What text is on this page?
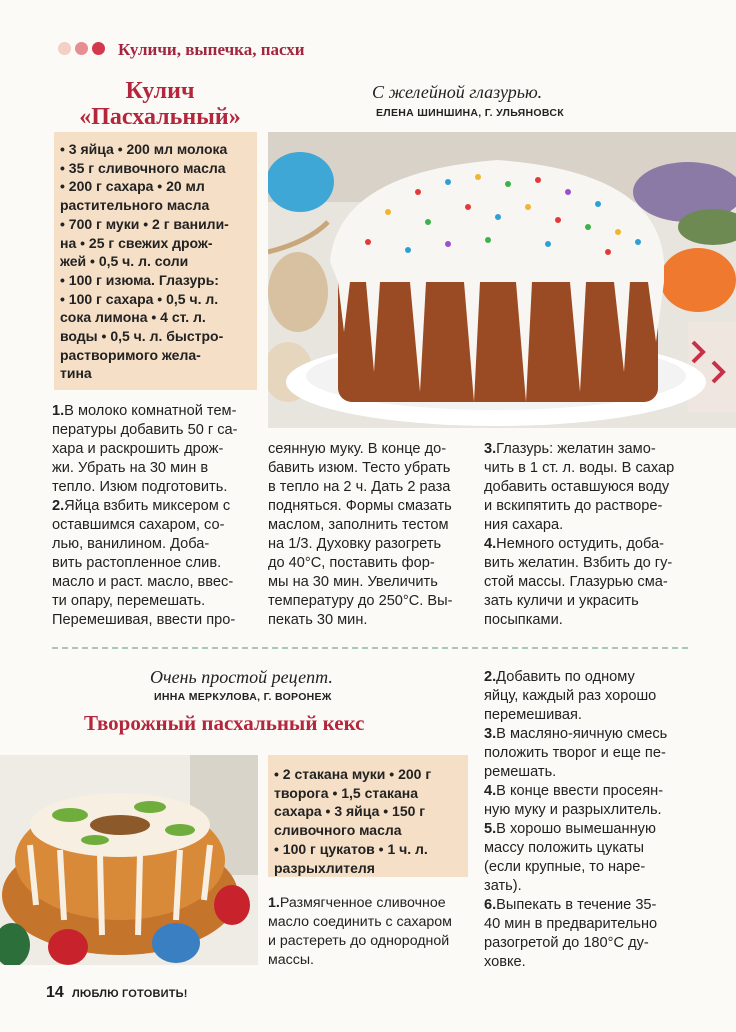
Куличи, выпечка, пасхи
Кулич
«Пасхальный»
С желейной глазурью.
ЕЛЕНА ШИНШИНА, Г. УЛЬЯНОВСК
• 3 яйца • 200 мл молока
• 35 г сливочного масла
• 200 г сахара • 20 мл
растительного масла
• 700 г муки • 2 г ванили-
на • 25 г свежих дрож-
жей • 0,5 ч. л. соли
• 100 г изюма. Глазурь:
• 100 г сахара • 0,5 ч. л.
сока лимона • 4 ст. л.
воды • 0,5 ч. л. быстро-
растворимого жела-
тина
1.В молоко комнатной тем-
пературы добавить 50 г са-
хара и раскрошить дрож-
жи. Убрать на 30 мин в
тепло. Изюм подготовить.
2.Яйца взбить миксером с
оставшимся сахаром, со-
лью, ванилином. Доба-
вить растопленное слив.
масло и раст. масло, ввес-
ти опару, перемешать.
Перемешивая, ввести про-
сеянную муку. В конце до-
бавить изюм. Тесто убрать
в тепло на 2 ч. Дать 2 раза
подняться. Формы смазать
маслом, заполнить тестом
на 1/3. Духовку разогреть
до 40°C, поставить фор-
мы на 30 мин. Увеличить
температуру до 250°C. Вы-
пекать 30 мин.
3.Глазурь: желатин замо-
чить в 1 ст. л. воды. В сахар
добавить оставшуюся воду
и вскипятить до растворе-
ния сахара.
4.Немного остудить, доба-
вить желатин. Взбить до гу-
стой массы. Глазурью сма-
зать куличи и украсить
посыпками.
Очень простой рецепт.
ИННА МЕРКУЛОВА, Г. ВОРОНЕЖ
Творожный пасхальный кекс
• 2 стакана муки • 200 г
творога • 1,5 стакана
сахара • 3 яйца • 150 г
сливочного масла
• 100 г цукатов • 1 ч. л.
разрыхлителя
1.Размягченное сливочное
масло соединить с сахаром
и растереть до однородной
массы.
2.Добавить по одному
яйцу, каждый раз хорошо
перемешивая.
3.В масляно-яичную смесь
положить творог и еще пе-
ремешать.
4.В конце ввести просеян-
ную муку и разрыхлитель.
5.В хорошо вымешанную
массу положить цукаты
(если крупные, то наре-
зать).
6.Выпекать в течение 35-
40 мин в предварительно
разогретой до 180°C ду-
ховке.
14 ЛЮБЛЮ ГОТОВИТЬ!
